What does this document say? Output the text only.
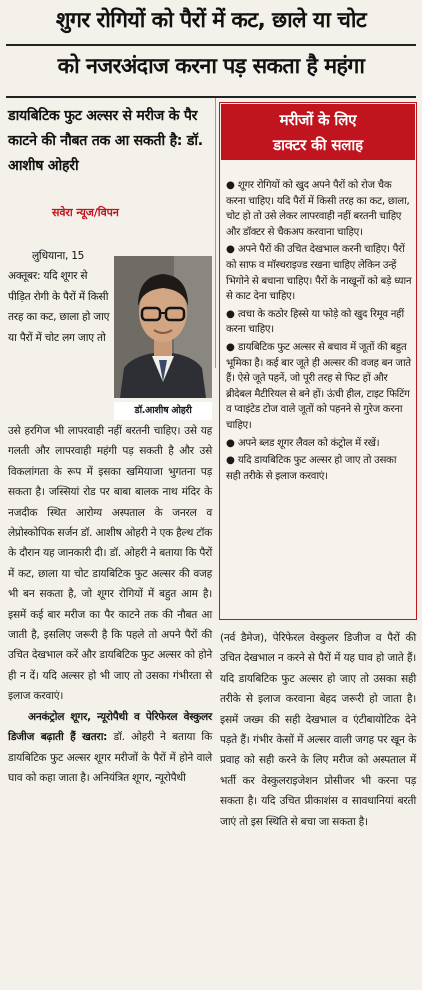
शुगर रोगियों को पैरों में कट, छाले या चोट
को नजरअंदाज करना पड़ सकता है महंगा
डायबिटिक फुट अल्सर से मरीज के पैर काटने की नौबत तक आ सकती है: डॉ. आशीष ओहरी
सवेरा न्यूज/विपन
डॉ.आशीष ओहरी

लुधियाना, 15 अक्तूबर: यदि शूगर से पीड़ित रोगी के पैरों में किसी तरह का कट, छाला हो जाए या पैरों में चोट लग जाए तो

उसे हरगिज भी लापरवाही नहीं बरतनी चाहिए। उसे यह गलती और लापरवाही महंगी पड़ सकती है और उसे विकलांगता के रूप में इसका खमियाजा भुगतना पड़ सकता है। जस्सियां रोड पर बाबा बालक नाथ मंदिर के नजदीक स्थित आरोग्य अस्पताल के जनरल व लेप्रोस्कोपिक सर्जन डॉ. आशीष ओहरी ने एक हैल्थ टॉक के दौरान यह जानकारी दी। डॉ. ओहरी ने बताया कि पैरों में कट, छाला या चोट डायबिटिक फुट अल्सर की वजह भी बन सकता है, जो शूगर रोगियों में बहुत आम है। इसमें कई बार मरीज का पैर काटने तक की नौबत आ जाती है, इसलिए जरूरी है कि पहले तो अपने पैरों की उचित देखभाल करें और डायबिटिक फुट अल्सर को होने ही न दें। यदि अल्सर हो भी जाए तो उसका गंभीरता से इलाज करवाएं।

अनकंट्रोल शूगर, न्यूरोपैथी व पेरिफेरल वेस्कुलर डिजीज बढ़ाती हैं खतरा: डॉ. ओहरी ने बताया कि डायबिटिक फुट अल्सर शूगर मरीजों के पैरों में होने वाले घाव को कहा जाता है। अनियंत्रित शूगर, न्यूरोपैथी

मरीजों के लिए
डाक्टर की सलाह

● शूगर रोगियों को खुद अपने पैरों को रोज चैक करना चाहिए। यदि पैरों में किसी तरह का कट, छाला, चोट हो तो उसे लेकर लापरवाही नहीं बरतनी चाहिए और डॉक्टर से चैकअप करवाना चाहिए।

● अपने पैरों की उचित देखभाल करनी चाहिए। पैरों को साफ व मॉस्चराइज्ड रखना चाहिए लेकिन उन्हें भिगोने से बचाना चाहिए। पैरों के नाखूनों को बड़े ध्यान से काट देना चाहिए।

● त्वचा के कठोर हिस्से या फोड़े को खुद रिमूव नहीं करना चाहिए।

● डायबिटिक फुट अल्सर से बचाव में जूतों की बहुत भूमिका है। कई बार जूते ही अल्सर की वजह बन जाते हैं। ऐसे जूते पहनें, जो पूरी तरह से फिट हों और ब्रीदेबल मैटीरियल से बने हों। ऊंची हील, टाइट फिटिंग व प्वाइंटेड टोज वाले जूतों को पहनने से गुरेज करना चाहिए।

● अपने ब्लड शूगर लैवल को कंट्रोल में रखें।

● यदि डायबिटिक फुट अल्सर हो जाए तो उसका सही तरीके से इलाज करवाएं।

(नर्व डैमेज), पेरिफेरल वेस्कुलर डिजीज व पैरों की उचित देखभाल न करने से पैरों में यह घाव हो जाते हैं। यदि डायबिटिक फुट अल्सर हो जाए तो उसका सही तरीके से इलाज करवाना बेहद जरूरी हो जाता है। इसमें जख्म की सही देखभाल व एंटीबायोटिक देने पड़ते हैं। गंभीर केसों में अल्सर वाली जगह पर खून के प्रवाह को सही करने के लिए मरीज को अस्पताल में भर्ती कर वेस्कुलराइजेशन प्रोसीजर भी करना पड़ सकता है। यदि उचित प्रीकाशंस व सावधानियां बरती जाएं तो इस स्थिति से बचा जा सकता है।
